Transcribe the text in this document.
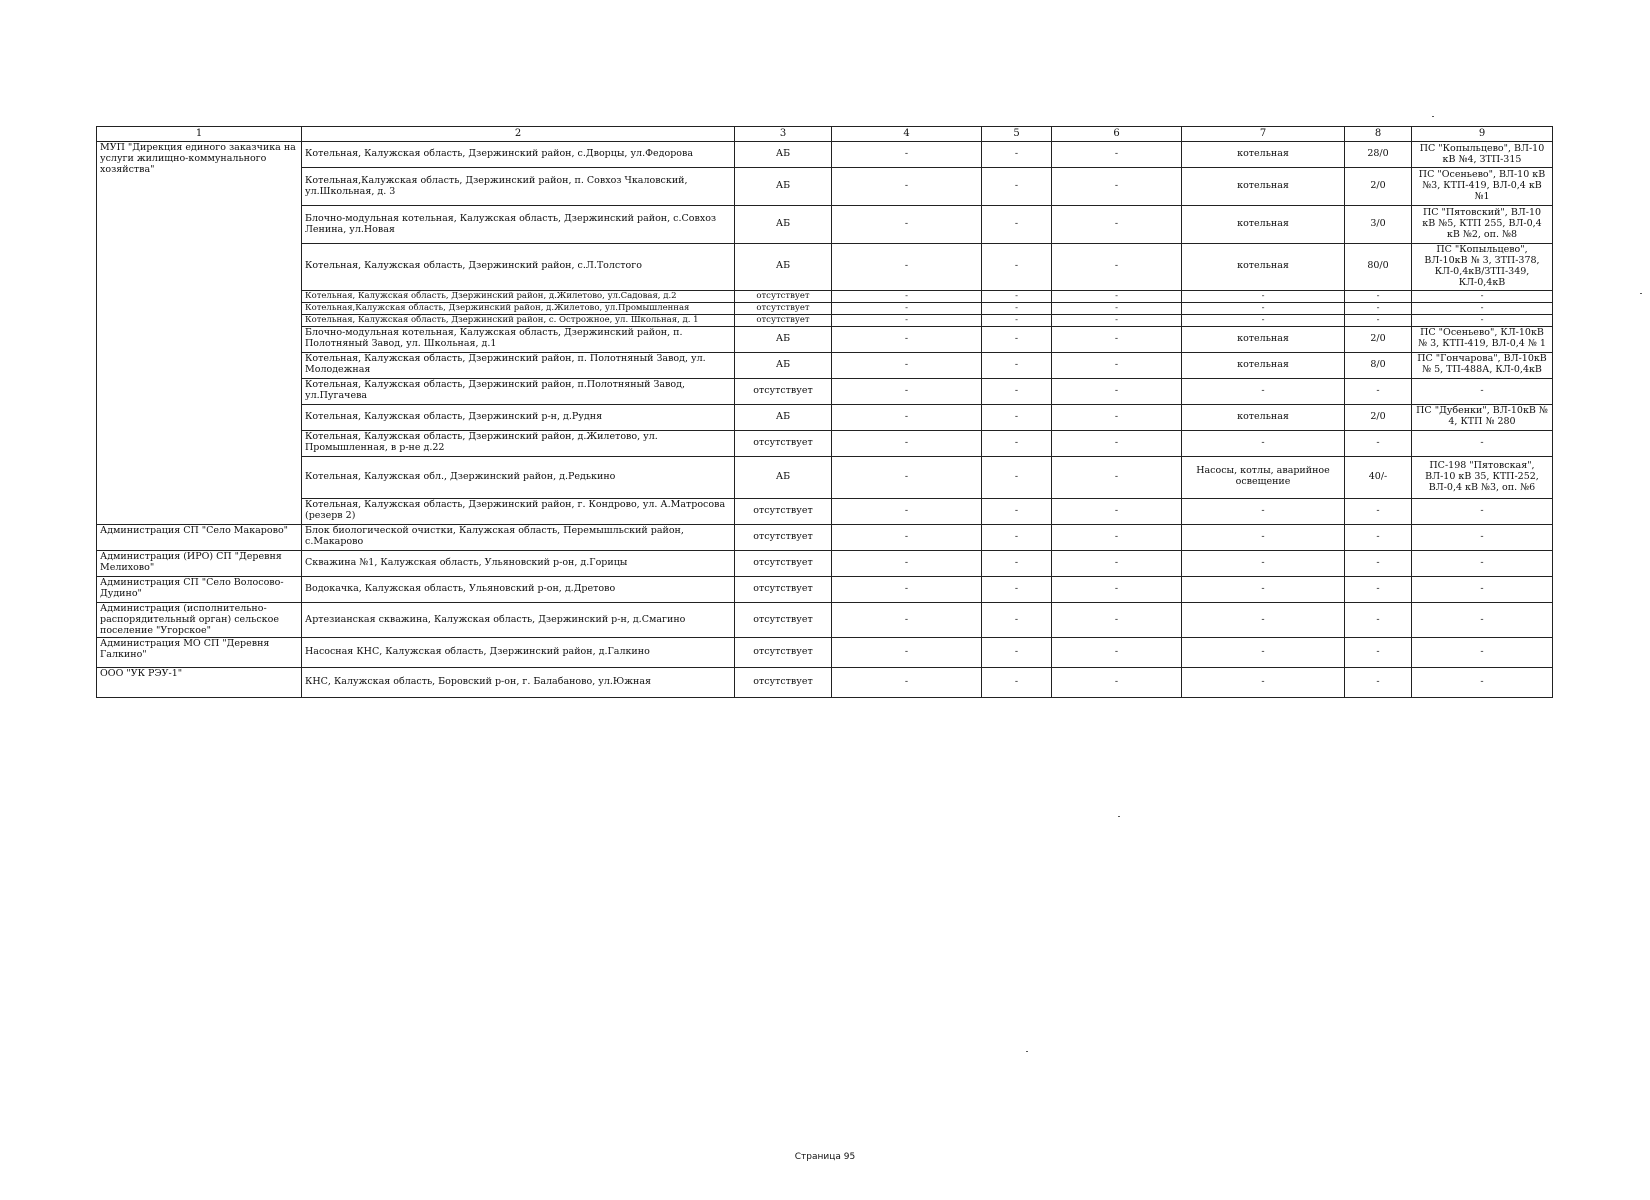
1	2	3	4	5	6	7	8	9
МУП "Дирекция единого заказчика на услуги жилищно-коммунального хозяйства"	Котельная, Калужская область, Дзержинский район, с.Дворцы, ул.Федорова	АБ	-	-	-	котельная	28/0	ПС "Копыльцево", ВЛ-10 кВ №4, ЗТП-315
	Котельная,Калужская область, Дзержинский район, п. Совхоз Чкаловский, ул.Школьная, д. 3	АБ	-	-	-	котельная	2/0	ПС "Осеньево", ВЛ-10 кВ №3, КТП-419, ВЛ-0,4 кВ №1
	Блочно-модульная котельная, Калужская область, Дзержинский район, с.Совхоз Ленина, ул.Новая	АБ	-	-	-	котельная	3/0	ПС "Пятовский", ВЛ-10 кВ №5, КТП 255, ВЛ-0,4 кВ №2, оп. №8
	Котельная, Калужская область, Дзержинский район, с.Л.Толстого	АБ	-	-	-	котельная	80/0	ПС "Копыльцево", ВЛ-10кВ № 3, ЗТП-378, КЛ-0,4кВ/ЗТП-349, КЛ-0,4кВ
	Котельная, Калужская область, Дзержинский район, д.Жилетово, ул.Садовая, д.2	отсутствует	-	-	-	-	-	-
	Котельная,Калужская область, Дзержинский район, д.Жилетово, ул.Промышленная	отсутствует	-	-	-	-	-	-
	Котельная, Калужская область, Дзержинский район, с. Острожное, ул. Школьная, д. 1	отсутствует	-	-	-	-	-	-
	Блочно-модульная котельная, Калужская область, Дзержинский район, п. Полотняный Завод, ул. Школьная, д.1	АБ	-	-	-	котельная	2/0	ПС "Осеньево", КЛ-10кВ № 3, КТП-419, ВЛ-0,4 № 1
	Котельная, Калужская область, Дзержинский район, п. Полотняный Завод, ул. Молодежная	АБ	-	-	-	котельная	8/0	ПС "Гончарова", ВЛ-10кВ № 5, ТП-488А, КЛ-0,4кВ
	Котельная, Калужская область, Дзержинский район, п.Полотняный Завод, ул.Пугачева	отсутствует	-	-	-	-	-	-
	Котельная, Калужская область, Дзержинский р-н, д.Рудня	АБ	-	-	-	котельная	2/0	ПС "Дубенки", ВЛ-10кВ № 4, КТП № 280
	Котельная, Калужская область, Дзержинский район, д.Жилетово, ул. Промышленная, в р-не д.22	отсутствует	-	-	-	-	-	-
	Котельная, Калужская обл., Дзержинский район, д.Редькино	АБ	-	-	-	Насосы, котлы, аварийное освещение	40/-	ПС-198 "Пятовская", ВЛ-10 кВ 35, КТП-252, ВЛ-0,4 кВ №3, оп. №6
	Котельная, Калужская область, Дзержинский район, г. Кондрово, ул. А.Матросова (резерв 2)	отсутствует	-	-	-	-	-	-
Администрация СП "Село Макарово"	Блок биологической очистки, Калужская область, Перемышльский район, с.Макарово	отсутствует	-	-	-	-	-	-
Администрация (ИРО) СП "Деревня Мелихово"	Скважина №1, Калужская область, Ульяновский р-он, д.Горицы	отсутствует	-	-	-	-	-	-
Администрация СП "Село Волосово-Дудино"	Водокачка, Калужская область, Ульяновский р-он, д.Дретово	отсутствует	-	-	-	-	-	-
Администрация (исполнительно-распорядительный орган) сельское поселение "Угорское"	Артезианская скважина, Калужская область, Дзержинский р-н, д.Смагино	отсутствует	-	-	-	-	-	-
Администрация МО СП "Деревня Галкино"	Насосная КНС, Калужская область, Дзержинский район, д.Галкино	отсутствует	-	-	-	-	-	-
ООО "УК РЭУ-1"	КНС, Калужская область, Боровский р-он, г. Балабаново, ул.Южная	отсутствует	-	-	-	-	-	-
Страница 95
